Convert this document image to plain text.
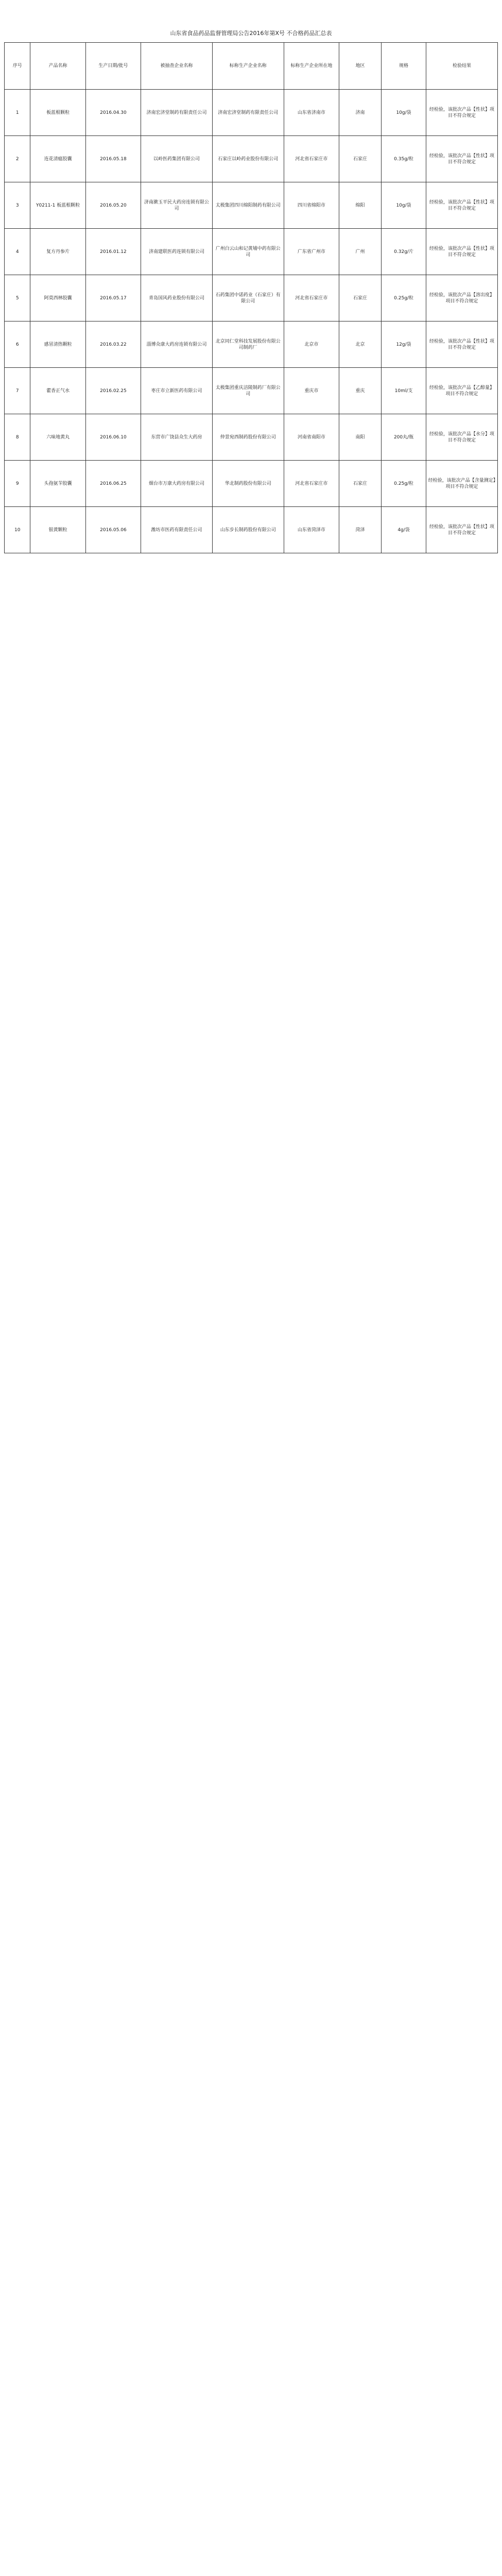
山东省食品药品监督管理局公告2016年第X号 不合格药品汇总表
序号	产品名称	生产日期/批号	被抽查企业名称	标称生产企业名称	标称生产企业所在地	地区	规格	检验结果
1	板蓝根颗粒	2016.04.30	济南宏济堂制药有限责任公司	济南宏济堂制药有限责任公司	山东省济南市	济南	10g/袋	经检验，该批次产品【性状】项目不符合规定
2	连花清瘟胶囊	2016.05.18	以岭医药集团有限公司	石家庄以岭药业股份有限公司	河北省石家庄市	石家庄	0.35g/粒	经检验，该批次产品【性状】项目不符合规定
3	Y0211-1 板蓝根颗粒	2016.05.20	济南漱玉平民大药房连锁有限公司	太极集团四川绵阳制药有限公司	四川省绵阳市	绵阳	10g/袋	经检验，该批次产品【性状】项目不符合规定
4	复方丹参片	2016.01.12	济南建联医药连锁有限公司	广州白云山和记黄埔中药有限公司	广东省广州市	广州	0.32g/片	经检验，该批次产品【性状】项目不符合规定
5	阿莫西林胶囊	2016.05.17	青岛国风药业股份有限公司	石药集团中诺药业（石家庄）有限公司	河北省石家庄市	石家庄	0.25g/粒	经检验，该批次产品【溶出度】项目不符合规定
6	感冒清热颗粒	2016.03.22	淄博众康大药房连锁有限公司	北京同仁堂科技发展股份有限公司制药厂	北京市	北京	12g/袋	经检验，该批次产品【性状】项目不符合规定
7	藿香正气水	2016.02.25	枣庄市立新医药有限公司	太极集团重庆涪陵制药厂有限公司	重庆市	重庆	10ml/支	经检验，该批次产品【乙醇量】项目不符合规定
8	六味地黄丸	2016.06.10	东营市广饶县众生大药房	仲景宛西制药股份有限公司	河南省南阳市	南阳	200丸/瓶	经检验，该批次产品【水分】项目不符合规定
9	头孢氨苄胶囊	2016.06.25	烟台市万康大药房有限公司	华北制药股份有限公司	河北省石家庄市	石家庄	0.25g/粒	经检验，该批次产品【含量测定】项目不符合规定
10	银黄颗粒	2016.05.06	潍坊市医药有限责任公司	山东步长制药股份有限公司	山东省菏泽市	菏泽	4g/袋	经检验，该批次产品【性状】项目不符合规定
